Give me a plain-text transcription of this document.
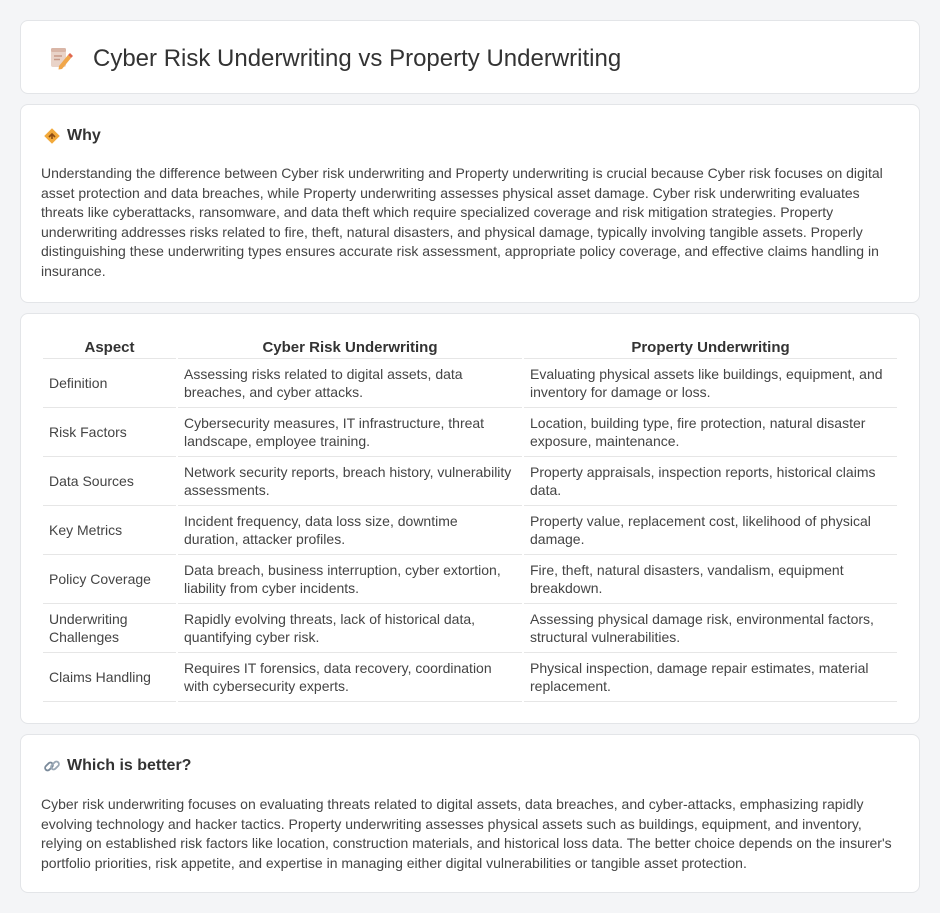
Cyber Risk Underwriting vs Property Underwriting
Why

Understanding the difference between Cyber risk underwriting and Property underwriting is crucial because Cyber risk focuses on digital asset protection and data breaches, while Property underwriting assesses physical asset damage. Cyber risk underwriting evaluates threats like cyberattacks, ransomware, and data theft which require specialized coverage and risk mitigation strategies. Property underwriting addresses risks related to fire, theft, natural disasters, and physical damage, typically involving tangible assets. Properly distinguishing these underwriting types ensures accurate risk assessment, appropriate policy coverage, and effective claims handling in insurance.

Aspect	Cyber Risk Underwriting	Property Underwriting
Definition	Assessing risks related to digital assets, data breaches, and cyber attacks.	Evaluating physical assets like buildings, equipment, and inventory for damage or loss.
Risk Factors	Cybersecurity measures, IT infrastructure, threat landscape, employee training.	Location, building type, fire protection, natural disaster exposure, maintenance.
Data Sources	Network security reports, breach history, vulnerability assessments.	Property appraisals, inspection reports, historical claims data.
Key Metrics	Incident frequency, data loss size, downtime duration, attacker profiles.	Property value, replacement cost, likelihood of physical damage.
Policy Coverage	Data breach, business interruption, cyber extortion, liability from cyber incidents.	Fire, theft, natural disasters, vandalism, equipment breakdown.
Underwriting Challenges	Rapidly evolving threats, lack of historical data, quantifying cyber risk.	Assessing physical damage risk, environmental factors, structural vulnerabilities.
Claims Handling	Requires IT forensics, data recovery, coordination with cybersecurity experts.	Physical inspection, damage repair estimates, material replacement.
Which is better?

Cyber risk underwriting focuses on evaluating threats related to digital assets, data breaches, and cyber-attacks, emphasizing rapidly evolving technology and hacker tactics. Property underwriting assesses physical assets such as buildings, equipment, and inventory, relying on established risk factors like location, construction materials, and historical loss data. The better choice depends on the insurer's portfolio priorities, risk appetite, and expertise in managing either digital vulnerabilities or tangible asset protection.
